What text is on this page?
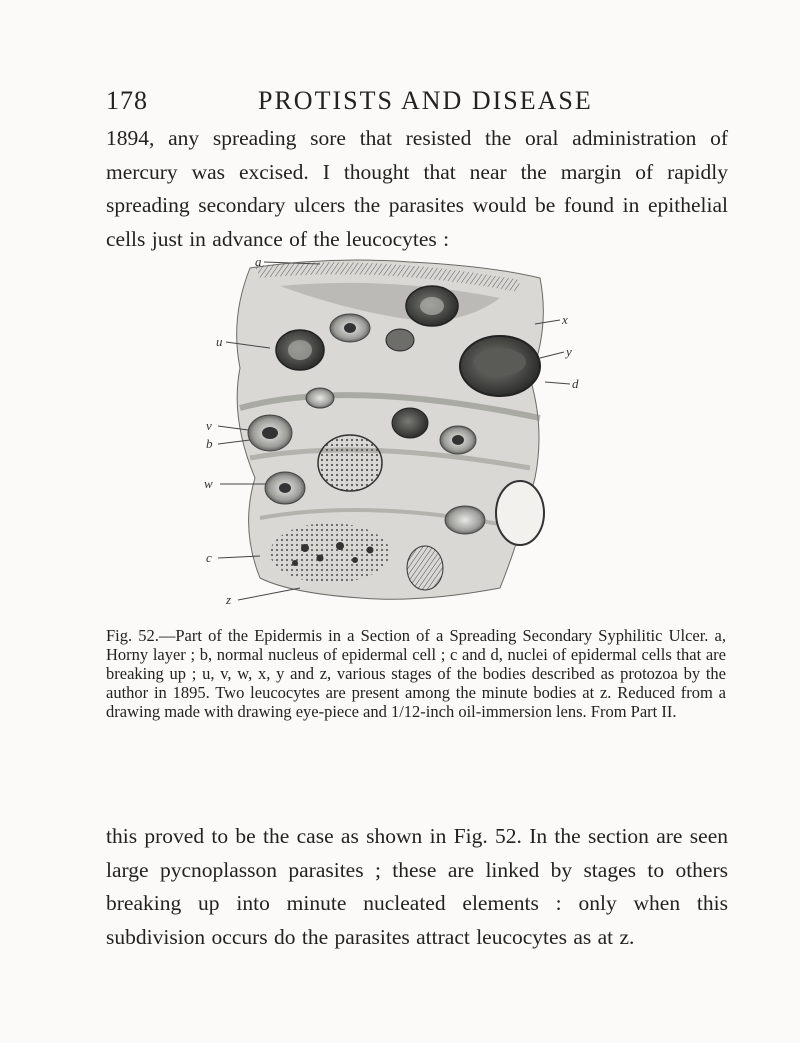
178	PROTISTS AND DISEASE

1894, any spreading sore that resisted the oral administration of mercury was excised. I thought that near the margin of rapidly spreading secondary ulcers the parasites would be found in epithelial cells just in advance of the leucocytes :

a
u
x
y
d
v
b
w
c
z
Fig. 52.—Part of the Epidermis in a Section of a Spreading Secondary Syphilitic Ulcer. a, Horny layer ; b, normal nucleus of epidermal cell ; c and d, nuclei of epidermal cells that are breaking up ; u, v, w, x, y and z, various stages of the bodies described as protozoa by the author in 1895. Two leucocytes are present among the minute bodies at z. Reduced from a drawing made with drawing eye-piece and 1/12-inch oil-immersion lens. From Part II.

this proved to be the case as shown in Fig. 52. In the section are seen large pycnoplasson parasites ; these are linked by stages to others breaking up into minute nucleated elements : only when this subdivision occurs do the parasites attract leucocytes as at z.
